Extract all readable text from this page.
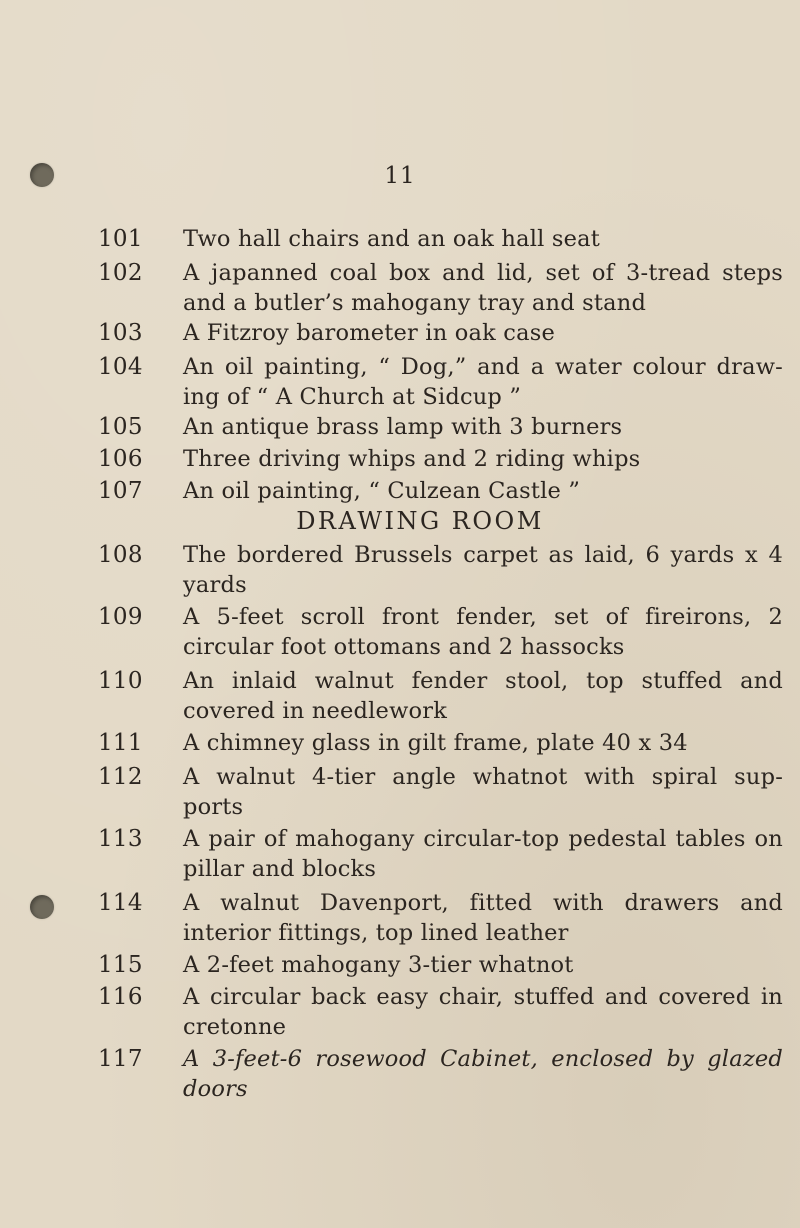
11
101	Two hall chairs and an oak hall seat
102	A japanned coal box and lid, set of 3-tread steps and a butler’s mahogany tray and stand
103	A Fitzroy barometer in oak case
104	An oil painting, “ Dog,” and a water colour draw- ing of “ A Church at Sidcup ”
105	An antique brass lamp with 3 burners
106	Three driving whips and 2 riding whips
107	An oil painting, “ Culzean Castle ”
DRAWING ROOM
108	The bordered Brussels carpet as laid, 6 yards x 4 yards
109	A 5-feet scroll front fender, set of fireirons, 2 circular foot ottomans and 2 hassocks
110	An inlaid walnut fender stool, top stuffed and covered in needlework
111	A chimney glass in gilt frame, plate 40 x 34
112	A walnut 4-tier angle whatnot with spiral sup- ports
113	A pair of mahogany circular-top pedestal tables on pillar and blocks
114	A walnut Davenport, fitted with drawers and interior fittings, top lined leather
115	A 2-feet mahogany 3-tier whatnot
116	A circular back easy chair, stuffed and covered in cretonne
117	A 3-feet-6 rosewood Cabinet, enclosed by glazed doors
